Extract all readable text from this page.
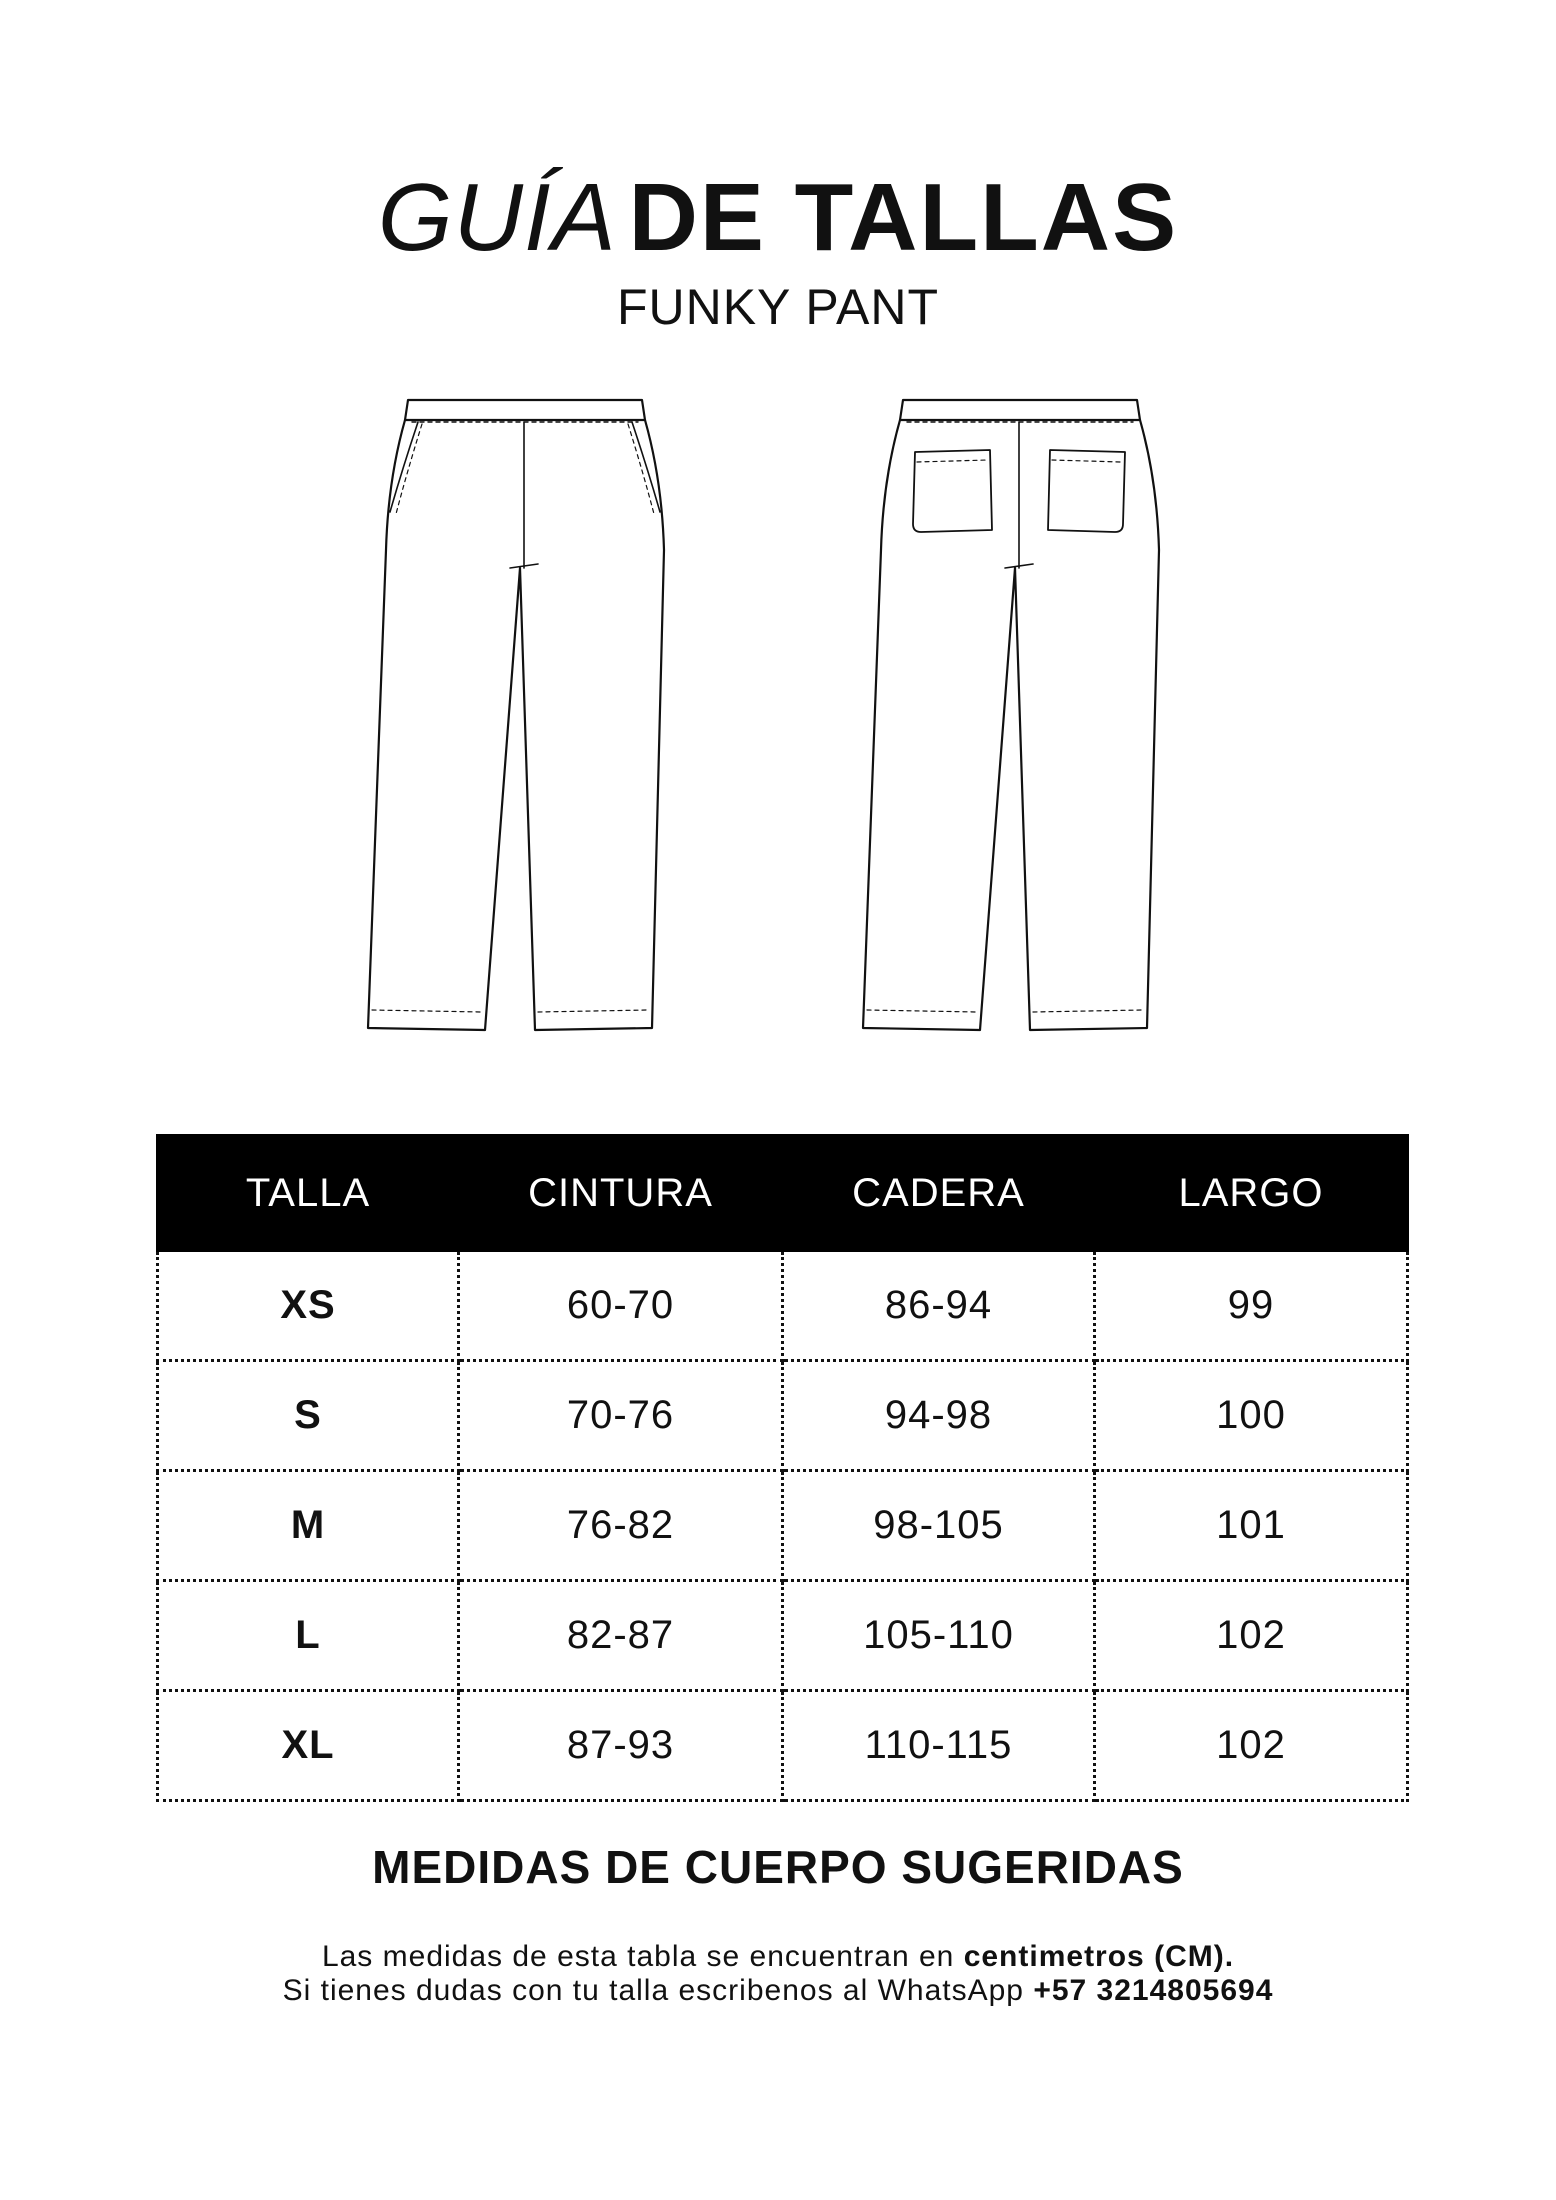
GUÍA DE TALLAS
FUNKY PANT
TALLA	CINTURA	CADERA	LARGO
XS	60-70	86-94	99
S	70-76	94-98	100
M	76-82	98-105	101
L	82-87	105-110	102
XL	87-93	110-115	102
MEDIDAS DE CUERPO SUGERIDAS
Las medidas de esta tabla se encuentran en centimetros (CM).
Si tienes dudas con tu talla escribenos al WhatsApp +57 3214805694
